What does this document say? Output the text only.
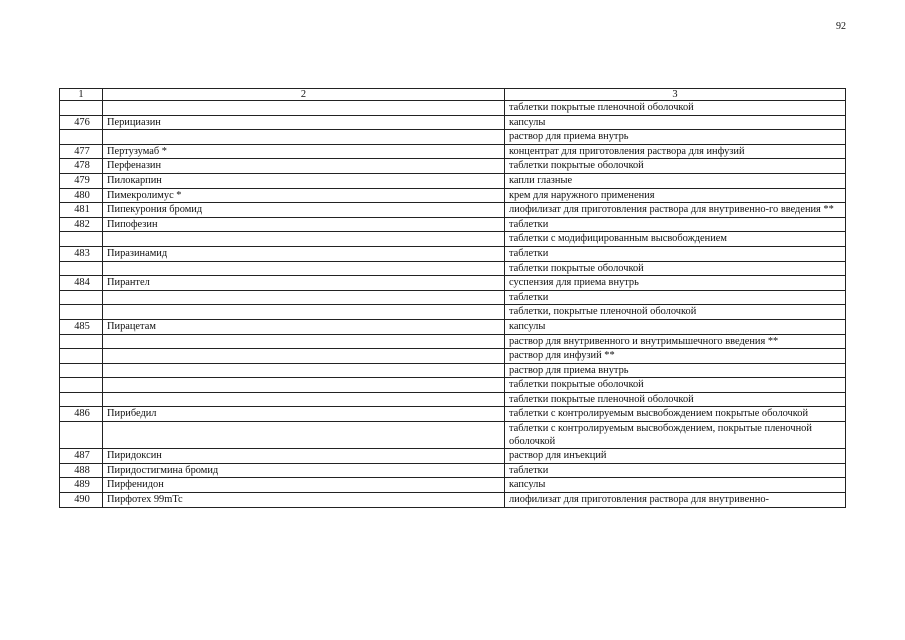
92
1	2	3
		таблетки покрытые пленочной оболочкой
476	Перициазин	капсулы
		раствор для приема внутрь
477	Пертузумаб *	концентрат для приготовления раствора для инфузий
478	Перфеназин	таблетки покрытые оболочкой
479	Пилокарпин	капли глазные
480	Пимекролимус *	крем для наружного применения
481	Пипекурония бромид	лиофилизат для приготовления раствора для внутривенно-го введения **
482	Пипофезин	таблетки
		таблетки с модифицированным высвобождением
483	Пиразинамид	таблетки
		таблетки покрытые оболочкой
484	Пирантел	суспензия для приема внутрь
		таблетки
		таблетки, покрытые пленочной оболочкой
485	Пирацетам	капсулы
		раствор для внутривенного и внутримышечного введения **
		раствор для инфузий **
		раствор для приема внутрь
		таблетки покрытые оболочкой
		таблетки покрытые пленочной оболочкой
486	Пирибедил	таблетки с контролируемым высвобождением покрытые оболочкой
		таблетки с контролируемым высвобождением, покрытые пленочной оболочкой
487	Пиридоксин	раствор для инъекций
488	Пиридостигмина бромид	таблетки
489	Пирфенидон	капсулы
490	Пирфотех 99mTc	лиофилизат для приготовления раствора для внутривенно-
